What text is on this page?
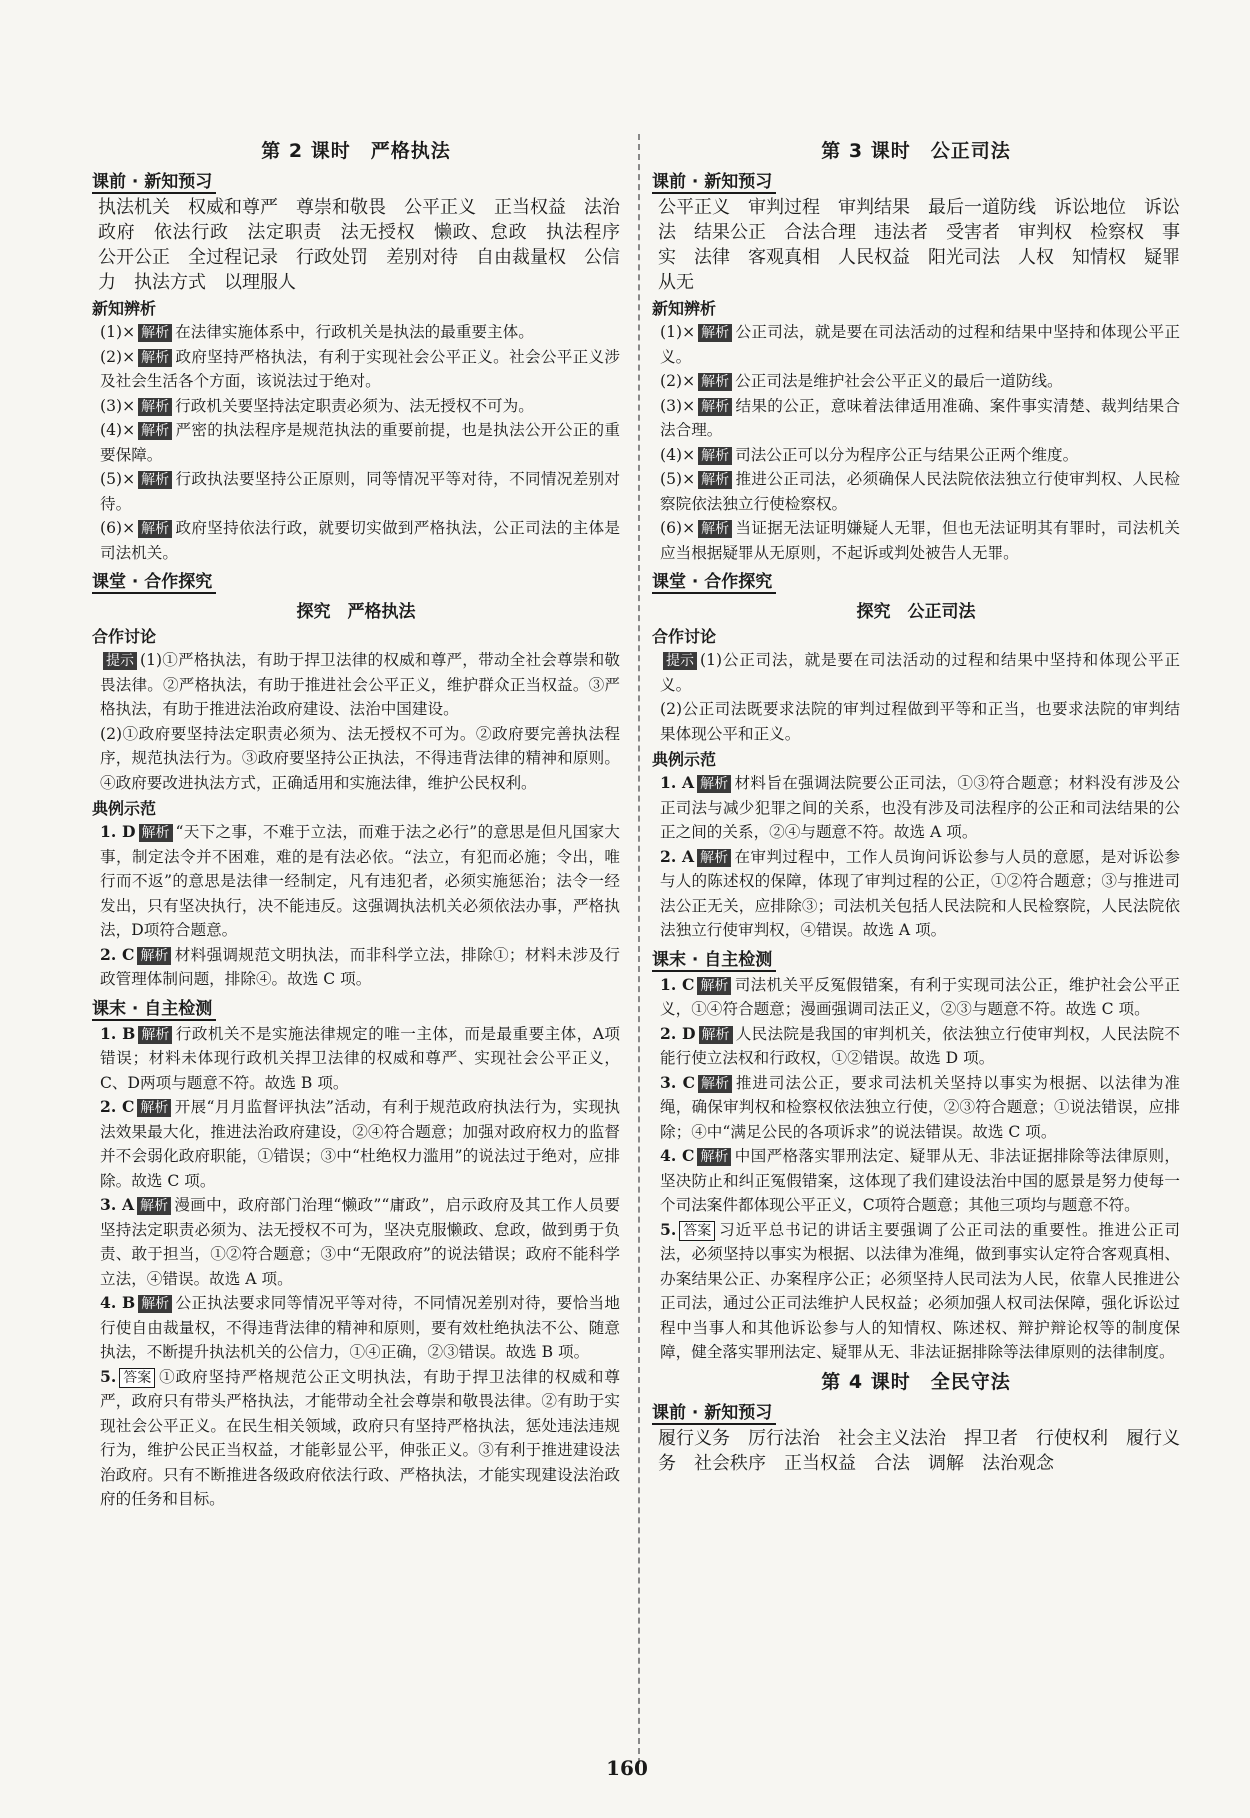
第 2 课时　严格执法
课前 · 新知预习
执法机关　权威和尊严　尊崇和敬畏　公平正义　正当权益　法治政府　依法行政　法定职责　法无授权　懒政、怠政　执法程序　公开公正　全过程记录　行政处罚　差别对待　自由裁量权　公信力　执法方式　以理服人
新知辨析
(1)× 解析 在法律实施体系中，行政机关是执法的最重要主体。
(2)× 解析 政府坚持严格执法，有利于实现社会公平正义。社会公平正义涉及社会生活各个方面，该说法过于绝对。
(3)× 解析 行政机关要坚持法定职责必须为、法无授权不可为。
(4)× 解析 严密的执法程序是规范执法的重要前提，也是执法公开公正的重要保障。
(5)× 解析 行政执法要坚持公正原则，同等情况平等对待，不同情况差别对待。
(6)× 解析 政府坚持依法行政，就要切实做到严格执法，公正司法的主体是司法机关。
课堂 · 合作探究
探究　严格执法
合作讨论
提示 (1)①严格执法，有助于捍卫法律的权威和尊严，带动全社会尊崇和敬畏法律。②严格执法，有助于推进社会公平正义，维护群众正当权益。③严格执法，有助于推进法治政府建设、法治中国建设。
(2)①政府要坚持法定职责必须为、法无授权不可为。②政府要完善执法程序，规范执法行为。③政府要坚持公正执法，不得违背法律的精神和原则。④政府要改进执法方式，正确适用和实施法律，维护公民权利。
典例示范
1. D 解析 “天下之事，不难于立法，而难于法之必行”的意思是但凡国家大事，制定法令并不困难，难的是有法必依。“法立，有犯而必施；令出，唯行而不返”的意思是法律一经制定，凡有违犯者，必须实施惩治；法令一经发出，只有坚决执行，决不能违反。这强调执法机关必须依法办事，严格执法，D项符合题意。
2. C 解析 材料强调规范文明执法，而非科学立法，排除①；材料未涉及行政管理体制问题，排除④。故选 C 项。
课末 · 自主检测
1. B 解析 行政机关不是实施法律规定的唯一主体，而是最重要主体，A项错误；材料未体现行政机关捍卫法律的权威和尊严、实现社会公平正义，C、D两项与题意不符。故选 B 项。
2. C 解析 开展“月月监督评执法”活动，有利于规范政府执法行为，实现执法效果最大化，推进法治政府建设，②④符合题意；加强对政府权力的监督并不会弱化政府职能，①错误；③中“杜绝权力滥用”的说法过于绝对，应排除。故选 C 项。
3. A 解析 漫画中，政府部门治理“懒政”“庸政”，启示政府及其工作人员要坚持法定职责必须为、法无授权不可为，坚决克服懒政、怠政，做到勇于负责、敢于担当，①②符合题意；③中“无限政府”的说法错误；政府不能科学立法，④错误。故选 A 项。
4. B 解析 公正执法要求同等情况平等对待，不同情况差别对待，要恰当地行使自由裁量权，不得违背法律的精神和原则，要有效杜绝执法不公、随意执法，不断提升执法机关的公信力，①④正确，②③错误。故选 B 项。
5. 答案 ①政府坚持严格规范公正文明执法，有助于捍卫法律的权威和尊严，政府只有带头严格执法，才能带动全社会尊崇和敬畏法律。②有助于实现社会公平正义。在民生相关领域，政府只有坚持严格执法，惩处违法违规行为，维护公民正当权益，才能彰显公平，伸张正义。③有利于推进建设法治政府。只有不断推进各级政府依法行政、严格执法，才能实现建设法治政府的任务和目标。
第 3 课时　公正司法
课前 · 新知预习
公平正义　审判过程　审判结果　最后一道防线　诉讼地位　诉讼法　结果公正　合法合理　违法者　受害者　审判权　检察权　事实　法律　客观真相　人民权益　阳光司法　人权　知情权　疑罪从无
新知辨析
(1)× 解析 公正司法，就是要在司法活动的过程和结果中坚持和体现公平正义。
(2)× 解析 公正司法是维护社会公平正义的最后一道防线。
(3)× 解析 结果的公正，意味着法律适用准确、案件事实清楚、裁判结果合法合理。
(4)× 解析 司法公正可以分为程序公正与结果公正两个维度。
(5)× 解析 推进公正司法，必须确保人民法院依法独立行使审判权、人民检察院依法独立行使检察权。
(6)× 解析 当证据无法证明嫌疑人无罪，但也无法证明其有罪时，司法机关应当根据疑罪从无原则，不起诉或判处被告人无罪。
课堂 · 合作探究
探究　公正司法
合作讨论
提示 (1)公正司法，就是要在司法活动的过程和结果中坚持和体现公平正义。
(2)公正司法既要求法院的审判过程做到平等和正当，也要求法院的审判结果体现公平和正义。
典例示范
1. A 解析 材料旨在强调法院要公正司法，①③符合题意；材料没有涉及公正司法与减少犯罪之间的关系，也没有涉及司法程序的公正和司法结果的公正之间的关系，②④与题意不符。故选 A 项。
2. A 解析 在审判过程中，工作人员询问诉讼参与人员的意愿，是对诉讼参与人的陈述权的保障，体现了审判过程的公正，①②符合题意；③与推进司法公正无关，应排除③；司法机关包括人民法院和人民检察院，人民法院依法独立行使审判权，④错误。故选 A 项。
课末 · 自主检测
1. C 解析 司法机关平反冤假错案，有利于实现司法公正，维护社会公平正义，①④符合题意；漫画强调司法正义，②③与题意不符。故选 C 项。
2. D 解析 人民法院是我国的审判机关，依法独立行使审判权，人民法院不能行使立法权和行政权，①②错误。故选 D 项。
3. C 解析 推进司法公正，要求司法机关坚持以事实为根据、以法律为准绳，确保审判权和检察权依法独立行使，②③符合题意；①说法错误，应排除；④中“满足公民的各项诉求”的说法错误。故选 C 项。
4. C 解析 中国严格落实罪刑法定、疑罪从无、非法证据排除等法律原则，坚决防止和纠正冤假错案，这体现了我们建设法治中国的愿景是努力使每一个司法案件都体现公平正义，C项符合题意；其他三项均与题意不符。
5. 答案 习近平总书记的讲话主要强调了公正司法的重要性。推进公正司法，必须坚持以事实为根据、以法律为准绳，做到事实认定符合客观真相、办案结果公正、办案程序公正；必须坚持人民司法为人民，依靠人民推进公正司法，通过公正司法维护人民权益；必须加强人权司法保障，强化诉讼过程中当事人和其他诉讼参与人的知情权、陈述权、辩护辩论权等的制度保障，健全落实罪刑法定、疑罪从无、非法证据排除等法律原则的法律制度。
第 4 课时　全民守法
课前 · 新知预习
履行义务　厉行法治　社会主义法治　捍卫者　行使权利　履行义务　社会秩序　正当权益　合法　调解　法治观念
160
